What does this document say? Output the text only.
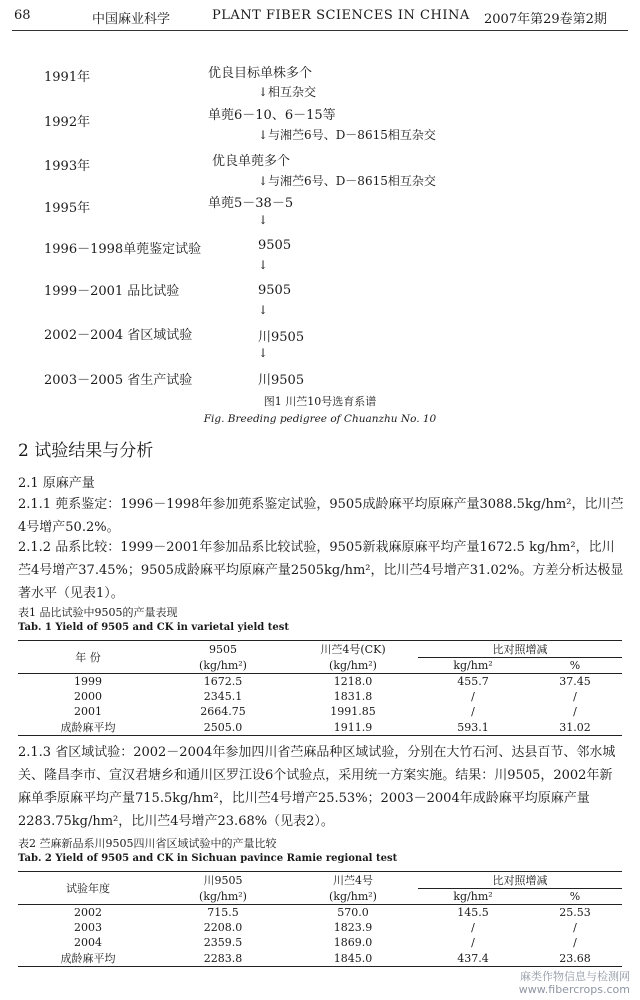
68	中国麻业科学	PLANT FIBER SCIENCES IN CHINA 2007年第29卷第2期
1991年	优良目标单株多个
↓相互杂交
1992年	单蔸6－10、6－15等
↓与湘苎6号、D－8615相互杂交
1993年	优良单蔸多个
↓与湘苎6号、D－8615相互杂交
1995年	单蔸5－38－5
↓
1996－1998单蔸鉴定试验	9505
↓
1999－2001 品比试验	9505
↓
2002－2004 省区域试验	川9505
↓
2003－2005 省生产试验	川9505
图1 川苎10号选育系谱
Fig. Breeding pedigree of Chuanzhu No. 10
2 试验结果与分析
2.1 原麻产量
2.1.1 蔸系鉴定：1996－1998年参加蔸系鉴定试验，9505成龄麻平均原麻产量3088.5kg/hm²，比川苎4号增产50.2%。
2.1.2 品系比较：1999－2001年参加品系比较试验，9505新栽麻原麻平均产量1672.5 kg/hm²，比川苎4号增产37.45%；9505成龄麻平均原麻产量2505kg/hm²，比川苎4号增产31.02%。方差分析达极显著水平（见表1）。
表1 品比试验中9505的产量表现
Tab. 1 Yield of 9505 and CK in varietal yield test
年 份	9505	川苎4号(CK)	比对照增减	
	(kg/hm²)	(kg/hm²)	kg/hm²	%
1999	1672.5	1218.0	455.7	37.45
2000	2345.1	1831.8	/	/
2001	2664.75	1991.85	/	/
成龄麻平均	2505.0	1911.9	593.1	31.02
2.1.3 省区域试验：2002－2004年参加四川省苎麻品种区域试验，分别在大竹石河、达县百节、邻水城关、隆昌李市、宣汉君塘乡和通川区罗江设6个试验点，采用统一方案实施。结果：川9505，2002年新麻单季原麻平均产量715.5kg/hm²，比川苎4号增产25.53%；2003－2004年成龄麻平均原麻产量2283.75kg/hm²，比川苎4号增产23.68%（见表2）。
表2 苎麻新品系川9505四川省区域试验中的产量比较
Tab. 2 Yield of 9505 and CK in Sichuan pavince Ramie regional test
试验年度	川9505	川苎4号	比对照增减	
	(kg/hm²)	(kg/hm²)	kg/hm²	%
2002	715.5	570.0	145.5	25.53
2003	2208.0	1823.9	/	/
2004	2359.5	1869.0	/	/
成龄麻平均	2283.8	1845.0	437.4	23.68
麻类作物信息与检测网
www.fibercrops.com
